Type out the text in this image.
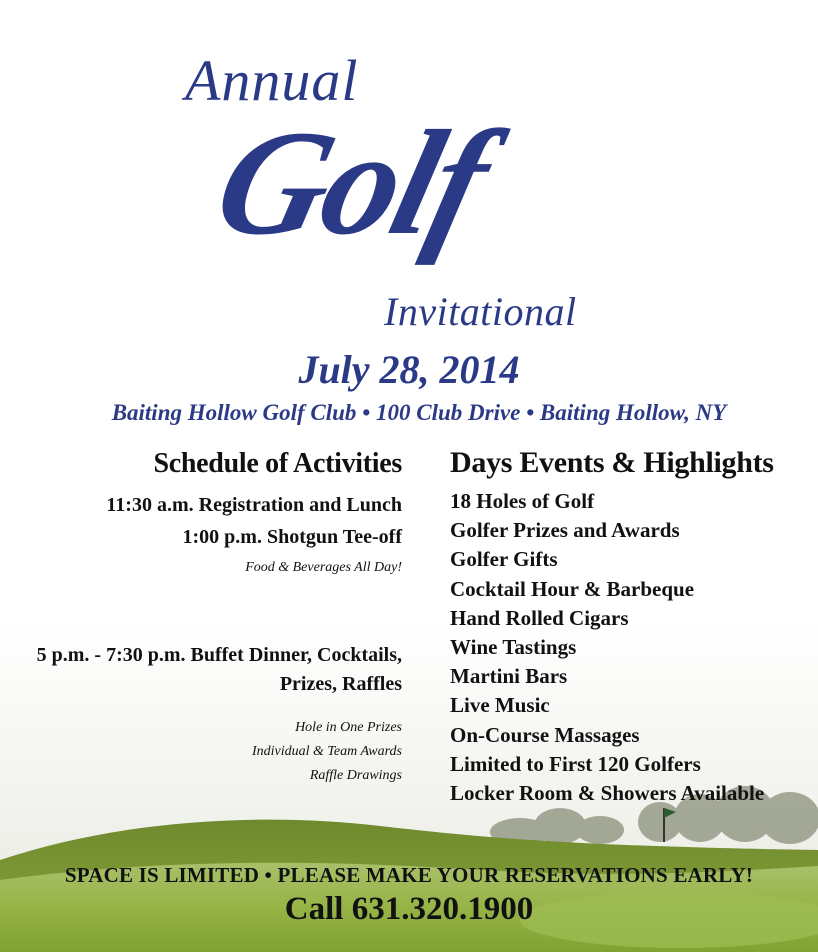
Annual
Golf
Invitational
July 28, 2014
Baiting Hollow Golf Club • 100 Club Drive • Baiting Hollow, NY
Schedule of Activities
11:30 a.m. Registration and Lunch
1:00 p.m. Shotgun Tee-off
Food & Beverages All Day!
5 p.m. - 7:30 p.m. Buffet Dinner, Cocktails,
Prizes, Raffles
Hole in One Prizes
Individual & Team Awards
Raffle Drawings
Days Events & Highlights
18 Holes of Golf
Golfer Prizes and Awards
Golfer Gifts
Cocktail Hour & Barbeque
Hand Rolled Cigars
Wine Tastings
Martini Bars
Live Music
On-Course Massages
Limited to First 120 Golfers
Locker Room & Showers Available
SPACE IS LIMITED • PLEASE MAKE YOUR RESERVATIONS EARLY!
Call 631.320.1900
